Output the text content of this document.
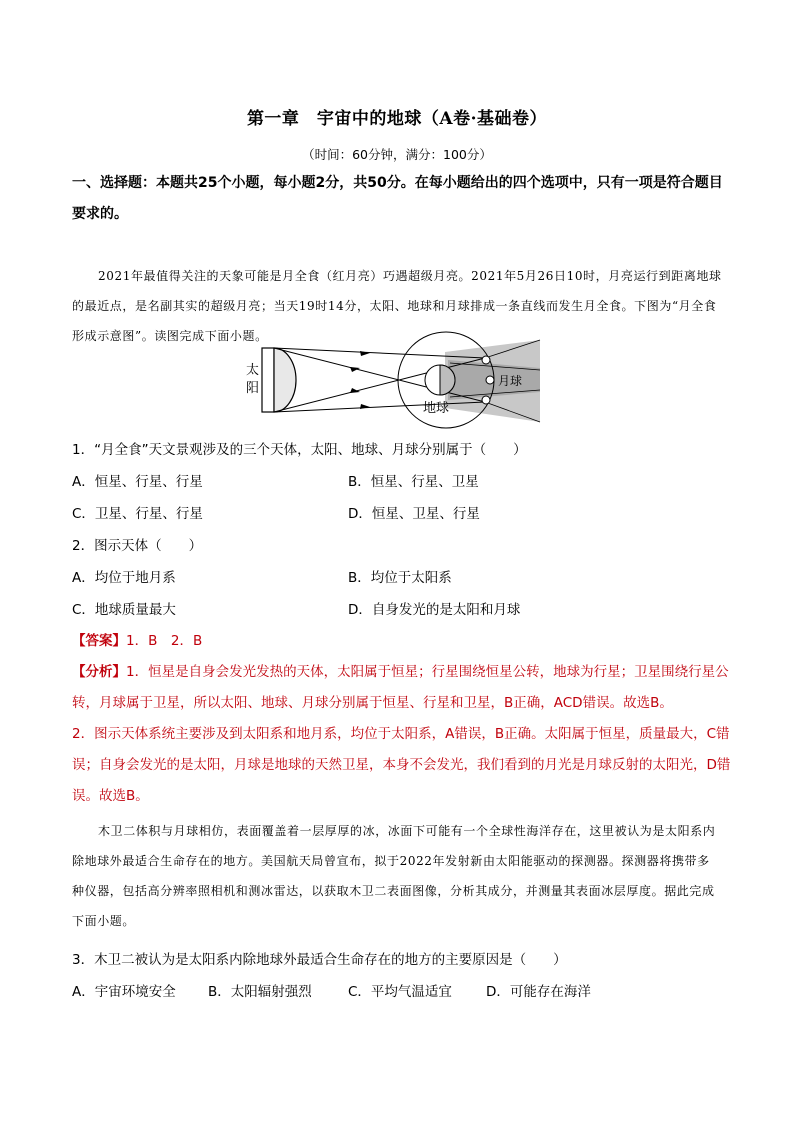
第一章　宇宙中的地球（A卷·基础卷）
（时间：60分钟，满分：100分）
一、选择题：本题共25个小题，每小题2分，共50分。在每小题给出的四个选项中，只有一项是符合题目要求的。
2021年最值得关注的天象可能是月全食（红月亮）巧遇超级月亮。2021年5月26日10时，月亮运行到距离地球的最近点，是名副其实的超级月亮；当天19时14分，太阳、地球和月球排成一条直线而发生月全食。下图为“月全食形成示意图”。读图完成下面小题。
太
阳
地球
月球
1．“月全食”天文景观涉及的三个天体，太阳、地球、月球分别属于（　　）
A．恒星、行星、行星	B．恒星、行星、卫星
C．卫星、行星、行星	D．恒星、卫星、行星
2．图示天体（　　）
A．均位于地月系	B．均位于太阳系
C．地球质量最大	D．自身发光的是太阳和月球
【答案】1．B　2．B
【分析】1．恒星是自身会发光发热的天体，太阳属于恒星；行星围绕恒星公转，地球为行星；卫星围绕行星公转，月球属于卫星，所以太阳、地球、月球分别属于恒星、行星和卫星，B正确，ACD错误。故选B。
2．图示天体系统主要涉及到太阳系和地月系，均位于太阳系，A错误，B正确。太阳属于恒星，质量最大，C错误；自身会发光的是太阳，月球是地球的天然卫星，本身不会发光，我们看到的月光是月球反射的太阳光，D错误。故选B。
木卫二体积与月球相仿，表面覆盖着一层厚厚的冰，冰面下可能有一个全球性海洋存在，这里被认为是太阳系内除地球外最适合生命存在的地方。美国航天局曾宣布，拟于2022年发射新由太阳能驱动的探测器。探测器将携带多种仪器，包括高分辨率照相机和测冰雷达，以获取木卫二表面图像，分析其成分，并测量其表面冰层厚度。据此完成下面小题。
3．木卫二被认为是太阳系内除地球外最适合生命存在的地方的主要原因是（　　）
A．宇宙环境安全 B．太阳辐射强烈	C．平均气温适宜	D．可能存在海洋
